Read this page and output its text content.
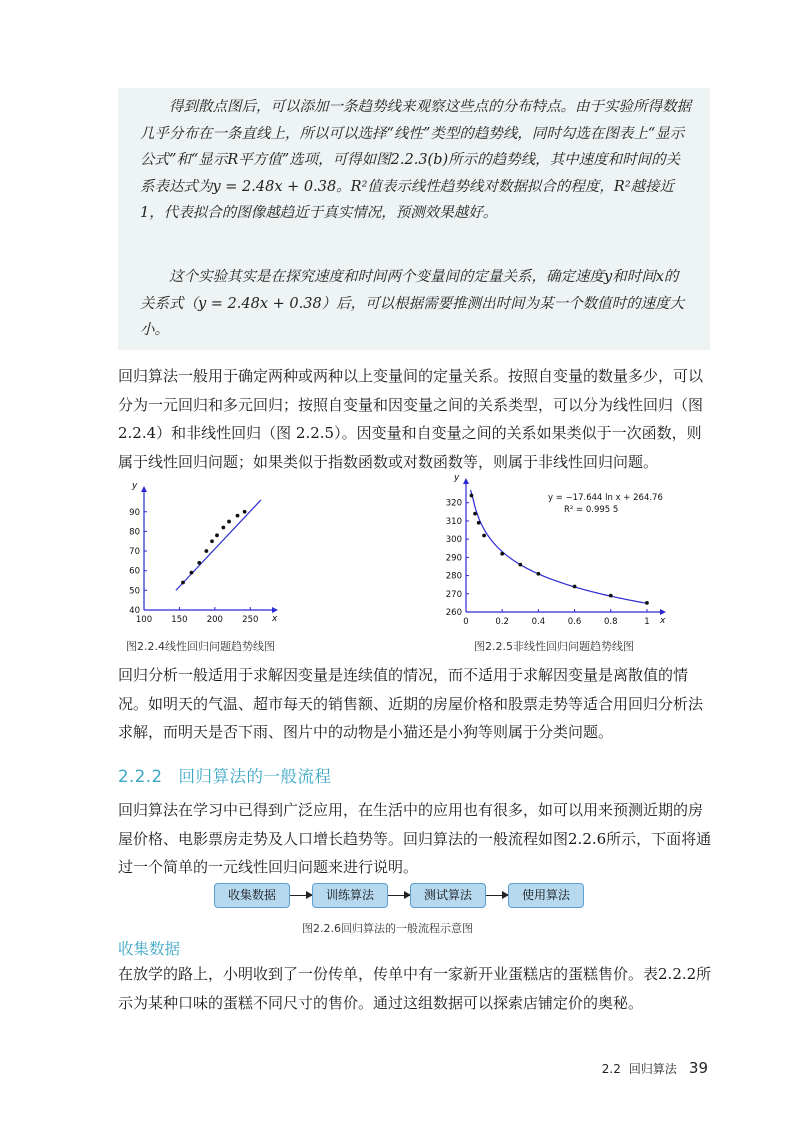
得到散点图后，可以添加一条趋势线来观察这些点的分布特点。由于实验所得数据几乎分布在一条直线上，所以可以选择“线性”类型的趋势线，同时勾选在图表上“显示公式”和“显示R平方值”选项，可得如图2.2.3(b)所示的趋势线，其中速度和时间的关系表达式为y = 2.48x + 0.38。R²值表示线性趋势线对数据拟合的程度，R²越接近1，代表拟合的图像越趋近于真实情况，预测效果越好。

这个实验其实是在探究速度和时间两个变量间的定量关系，确定速度y和时间x的关系式（y = 2.48x + 0.38）后，可以根据需要推测出时间为某一个数值时的速度大小。

回归算法一般用于确定两种或两种以上变量间的定量关系。按照自变量的数量多少，可以分为一元回归和多元回归；按照自变量和因变量之间的关系类型，可以分为线性回归（图 2.2.4）和非线性回归（图 2.2.5）。因变量和自变量之间的关系如果类似于一次函数，则属于线性回归问题；如果类似于指数函数或对数函数等，则属于非线性回归问题。

x
y
100 150 200 250
40
50
60
70
80
90
x
y
0	0.2	0.4	0.6	0.8	1
260
270
280
290
300
310
320
y = −17.644 ln x + 264.76
R² = 0.995 5

图2.2.4线性回归问题趋势线图	图2.2.5非线性回归问题趋势线图

回归分析一般适用于求解因变量是连续值的情况，而不适用于求解因变量是离散值的情况。如明天的气温、超市每天的销售额、近期的房屋价格和股票走势等适合用回归分析法求解，而明天是否下雨、图片中的动物是小猫还是小狗等则属于分类问题。

2.2.2 回归算法的一般流程

回归算法在学习中已得到广泛应用，在生活中的应用也有很多，如可以用来预测近期的房屋价格、电影票房走势及人口增长趋势等。回归算法的一般流程如图2.2.6所示，下面将通过一个简单的一元线性回归问题来进行说明。

收集数据	训练算法	测试算法	使用算法

图2.2.6回归算法的一般流程示意图

收集数据

在放学的路上，小明收到了一份传单，传单中有一家新开业蛋糕店的蛋糕售价。表2.2.2所示为某种口味的蛋糕不同尺寸的售价。通过这组数据可以探索店铺定价的奥秘。

2.2 回归算法 39
